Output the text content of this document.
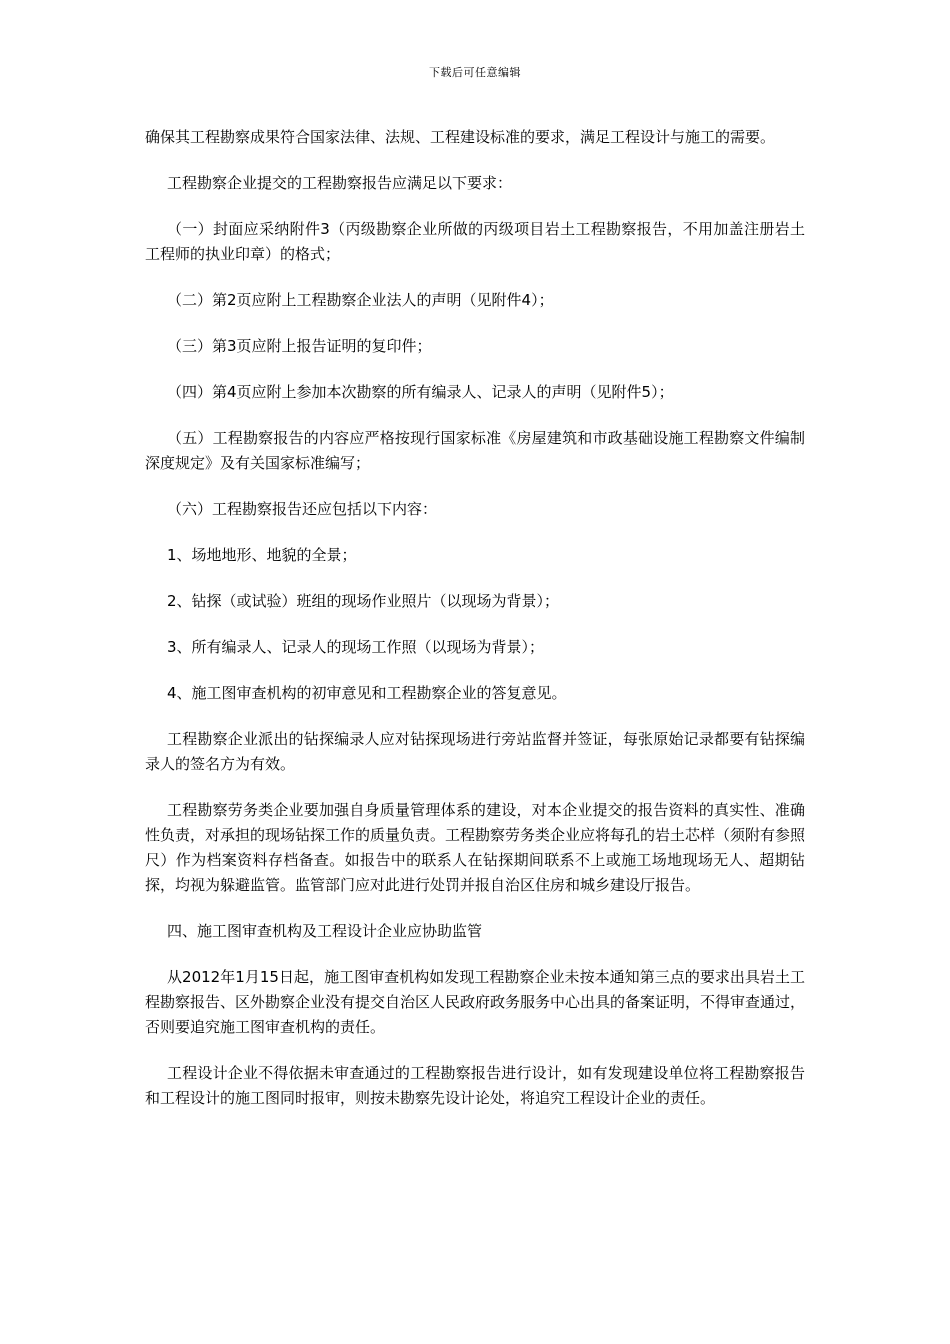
下载后可任意编辑

确保其工程勘察成果符合国家法律、法规、工程建设标准的要求，满足工程设计与施工的需要。

工程勘察企业提交的工程勘察报告应满足以下要求：

（一）封面应采纳附件3（丙级勘察企业所做的丙级项目岩土工程勘察报告，不用加盖注册岩土工程师的执业印章）的格式；

（二）第2页应附上工程勘察企业法人的声明（见附件4）；

（三）第3页应附上报告证明的复印件；

（四）第4页应附上参加本次勘察的所有编录人、记录人的声明（见附件5）；

（五）工程勘察报告的内容应严格按现行国家标准《房屋建筑和市政基础设施工程勘察文件编制深度规定》及有关国家标准编写；

（六）工程勘察报告还应包括以下内容：

1、场地地形、地貌的全景；

2、钻探（或试验）班组的现场作业照片（以现场为背景）；

3、所有编录人、记录人的现场工作照（以现场为背景）；

4、施工图审查机构的初审意见和工程勘察企业的答复意见。

工程勘察企业派出的钻探编录人应对钻探现场进行旁站监督并签证，每张原始记录都要有钻探编录人的签名方为有效。

工程勘察劳务类企业要加强自身质量管理体系的建设，对本企业提交的报告资料的真实性、准确性负责，对承担的现场钻探工作的质量负责。工程勘察劳务类企业应将每孔的岩土芯样（须附有参照尺）作为档案资料存档备查。如报告中的联系人在钻探期间联系不上或施工场地现场无人、超期钻探，均视为躲避监管。监管部门应对此进行处罚并报自治区住房和城乡建设厅报告。

四、施工图审查机构及工程设计企业应协助监管

从2012年1月15日起，施工图审查机构如发现工程勘察企业未按本通知第三点的要求出具岩土工程勘察报告、区外勘察企业没有提交自治区人民政府政务服务中心出具的备案证明，不得审查通过，否则要追究施工图审查机构的责任。

工程设计企业不得依据未审查通过的工程勘察报告进行设计，如有发现建设单位将工程勘察报告和工程设计的施工图同时报审，则按未勘察先设计论处，将追究工程设计企业的责任。
